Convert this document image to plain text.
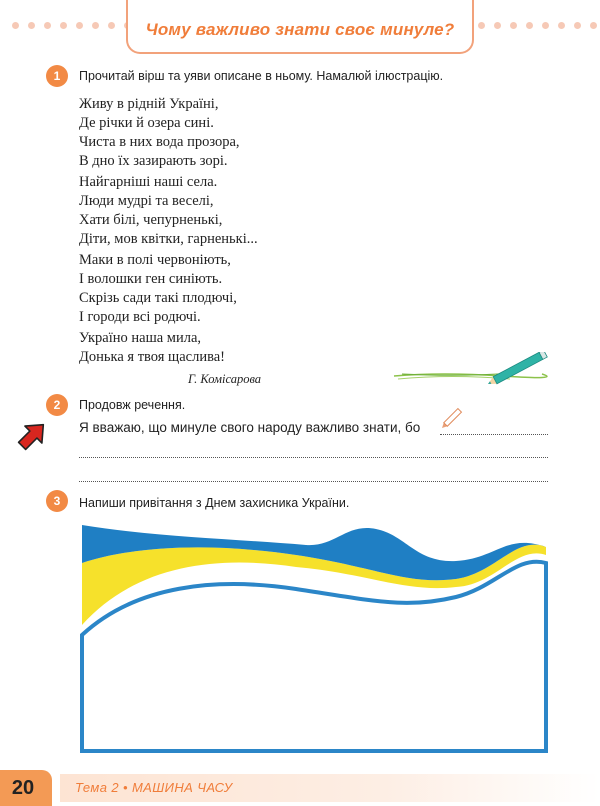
Чому важливо знати своє минуле?
1	Прочитай вірш та уяви описане в ньому. Намалюй ілюстрацію.
Живу в рідній Україні,
Де річки й озера сині.
Чиста в них вода прозора,
В дно їх зазирають зорі.
Найгарніші наші села.
Люди мудрі та веселі,
Хати білі, чепурненькі,
Діти, мов квітки, гарненькі...
Маки в полі червоніють,
І волошки ген синіють.
Скрізь сади такі плодючі,
І городи всі родючі.
Україно наша мила,
Донька я твоя щаслива!
Г. Комісарова
2	Продовж речення.
Я вважаю, що минуле свого народу важливо знати, бо
3	Напиши привітання з Днем захисника України.
20	Тема 2 • МАШИНА ЧАСУ
